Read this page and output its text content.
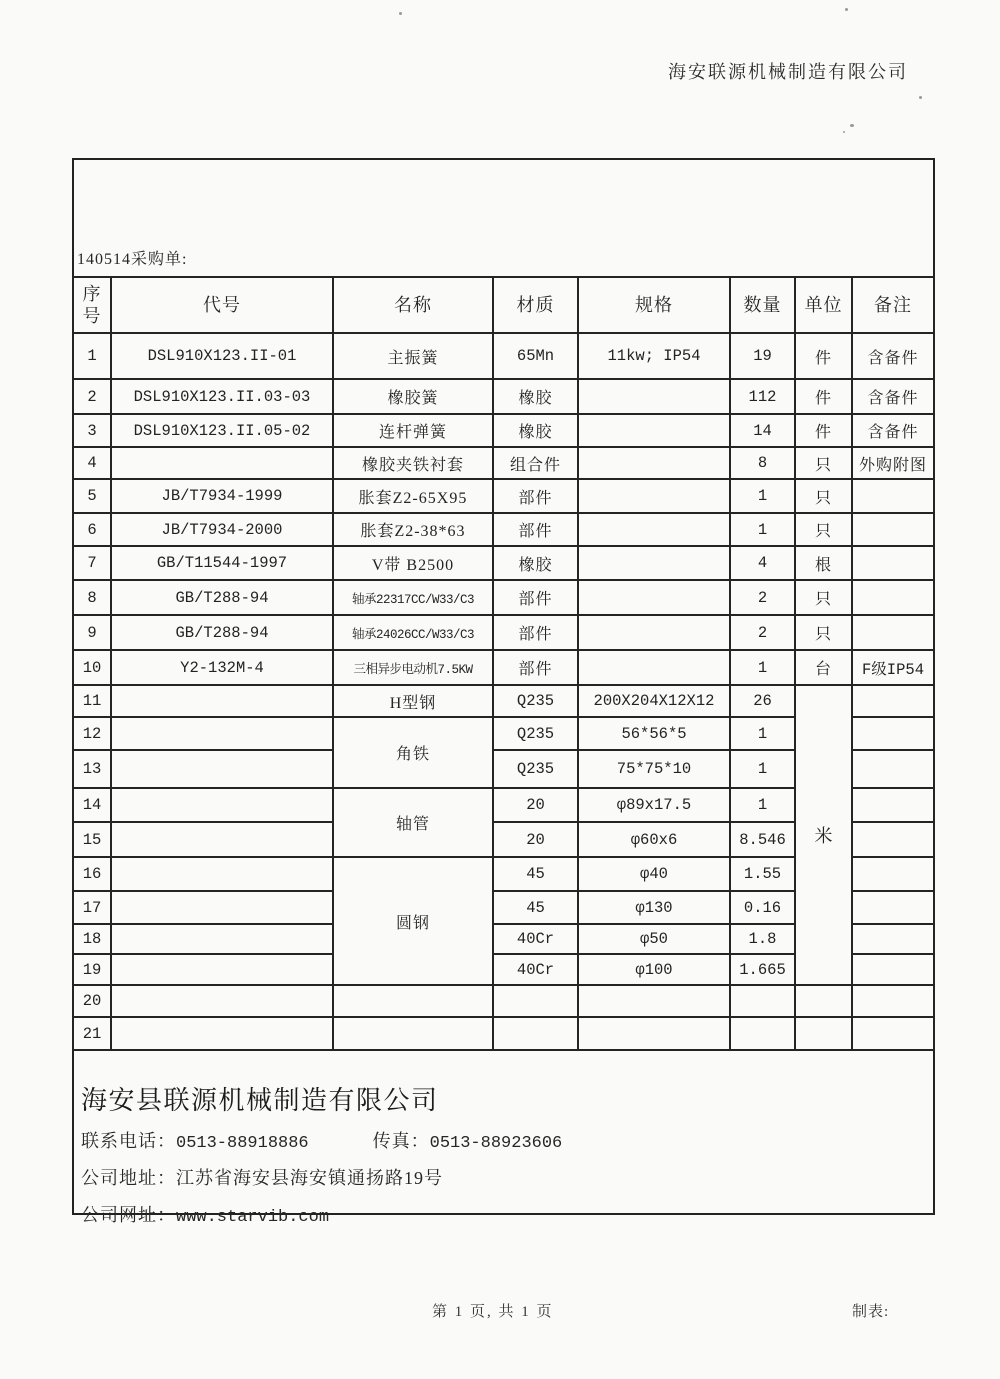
海安联源机械制造有限公司
140514采购单:
序号	代号	名称	材质	规格	数量	单位	备注
1	DSL910X123.II-01	主振簧	65Mn	11kw; IP54	19	件	含备件
2	DSL910X123.II.03-03	橡胶簧	橡胶		112	件	含备件
3	DSL910X123.II.05-02	连杆弹簧	橡胶		14	件	含备件
4		橡胶夹铁衬套	组合件		8	只	外购附图
5	JB/T7934-1999	胀套Z2-65X95	部件		1	只	
6	JB/T7934-2000	胀套Z2-38*63	部件		1	只	
7	GB/T11544-1997	V带 B2500	橡胶		4	根	
8	GB/T288-94	轴承22317CC/W33/C3	部件		2	只	
9	GB/T288-94	轴承24026CC/W33/C3	部件		2	只	
10	Y2-132M-4	三相异步电动机7.5KW	部件		1	台	F级IP54
11		H型钢	Q235	200X204X12X12	26	米	
12		角铁	Q235	56*56*5	1		
13			Q235	75*75*10	1		
14		轴管	20	φ89x17.5	1		
15			20	φ60x6	8.546		
16		圆钢	45	φ40	1.55		
17			45	φ130	0.16		
18			40Cr	φ50	1.8		
19			40Cr	φ100	1.665		
20							
21							
海安县联源机械制造有限公司
联系电话：0513-88918886	传真：0513-88923606
公司地址：江苏省海安县海安镇通扬路19号
公司网址：www.starvib.com
第 1 页, 共 1 页	制表:
